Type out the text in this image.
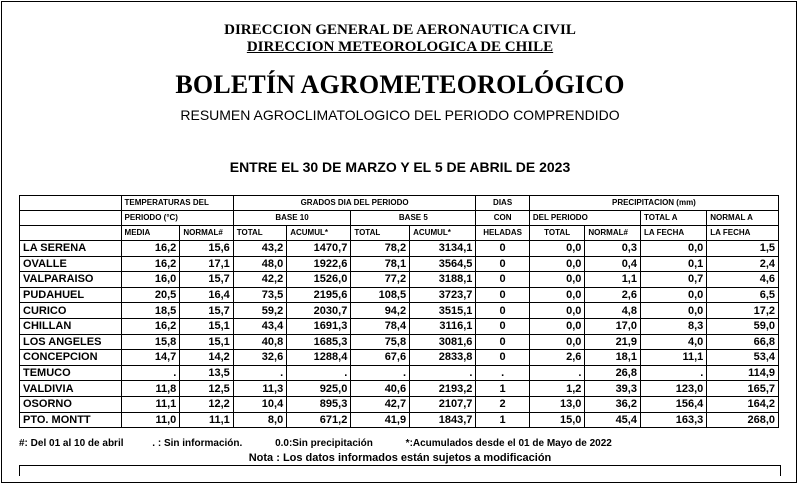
DIRECCION GENERAL DE AERONAUTICA CIVIL
DIRECCION METEOROLOGICA DE CHILE
BOLETÍN AGROMETEOROLÓGICO
RESUMEN AGROCLIMATOLOGICO DEL PERIODO COMPRENDIDO
ENTRE EL 30 DE MARZO Y EL 5 DE ABRIL DE 2023
	TEMPERATURAS DEL		GRADOS DIA DEL PERIODO				DIAS	PRECIPITACION (mm)			
	PERIODO (°C)		BASE 10		BASE 5		CON	DEL PERIODO		TOTAL A	NORMAL A
	MEDIA	NORMAL#	TOTAL	ACUMUL*	TOTAL	ACUMUL*	HELADAS	TOTAL	NORMAL#	LA FECHA	LA FECHA
LA SERENA	16,2	15,6	43,2	1470,7	78,2	3134,1	0	0,0	0,3	0,0	1,5
OVALLE	16,2	17,1	48,0	1922,6	78,1	3564,5	0	0,0	0,4	0,1	2,4
VALPARAISO	16,0	15,7	42,2	1526,0	77,2	3188,1	0	0,0	1,1	0,7	4,6
PUDAHUEL	20,5	16,4	73,5	2195,6	108,5	3723,7	0	0,0	2,6	0,0	6,5
CURICO	18,5	15,7	59,2	2030,7	94,2	3515,1	0	0,0	4,8	0,0	17,2
CHILLAN	16,2	15,1	43,4	1691,3	78,4	3116,1	0	0,0	17,0	8,3	59,0
LOS ANGELES	15,8	15,1	40,8	1685,3	75,8	3081,6	0	0,0	21,9	4,0	66,8
CONCEPCION	14,7	14,2	32,6	1288,4	67,6	2833,8	0	2,6	18,1	11,1	53,4
TEMUCO	.	13,5	.	.	.	.	.	.	26,8	.	114,9
VALDIVIA	11,8	12,5	11,3	925,0	40,6	2193,2	1	1,2	39,3	123,0	165,7
OSORNO	11,1	12,2	10,4	895,3	42,7	2107,7	2	13,0	36,2	156,4	164,2
PTO. MONTT	11,0	11,1	8,0	671,2	41,9	1843,7	1	15,0	45,4	163,3	268,0
#: Del 01 al 10 de abril	. : Sin información.	0.0:Sin precipitación	*:Acumulados desde el 01 de Mayo de 2022
Nota : Los datos informados están sujetos a modificación
